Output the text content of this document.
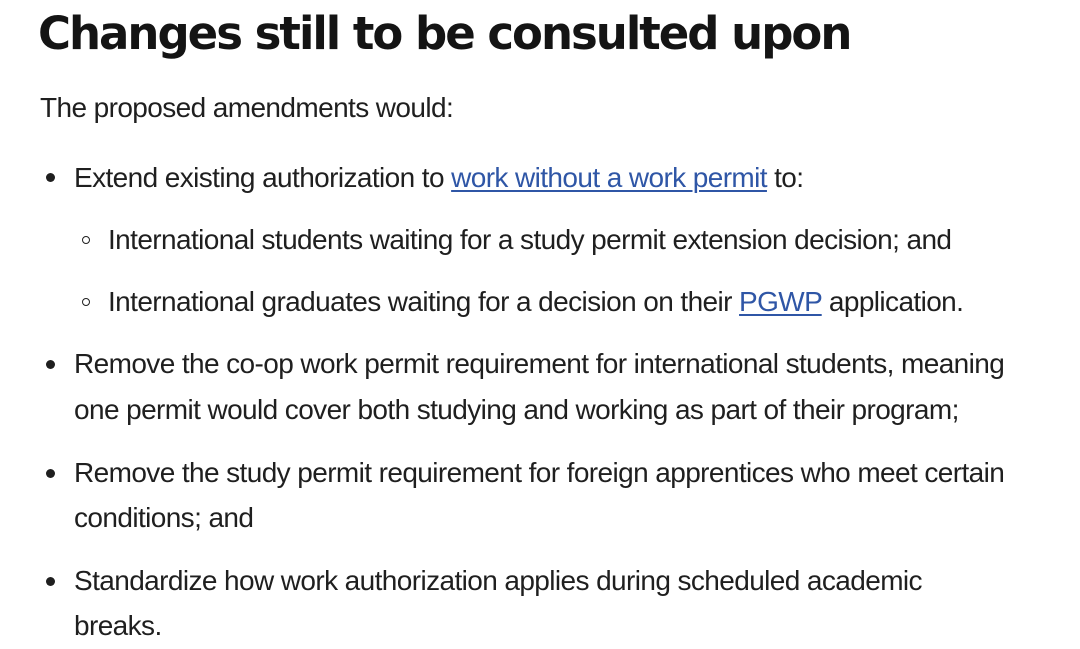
Changes still to be consulted upon

The proposed amendments would:

Extend existing authorization to work without a work permit to:
International students waiting for a study permit extension decision; and
International graduates waiting for a decision on their PGWP application.
Remove the co-op work permit requirement for international students, meaning
one permit would cover both studying and working as part of their program;
Remove the study permit requirement for foreign apprentices who meet certain
conditions; and
Standardize how work authorization applies during scheduled academic
breaks.
